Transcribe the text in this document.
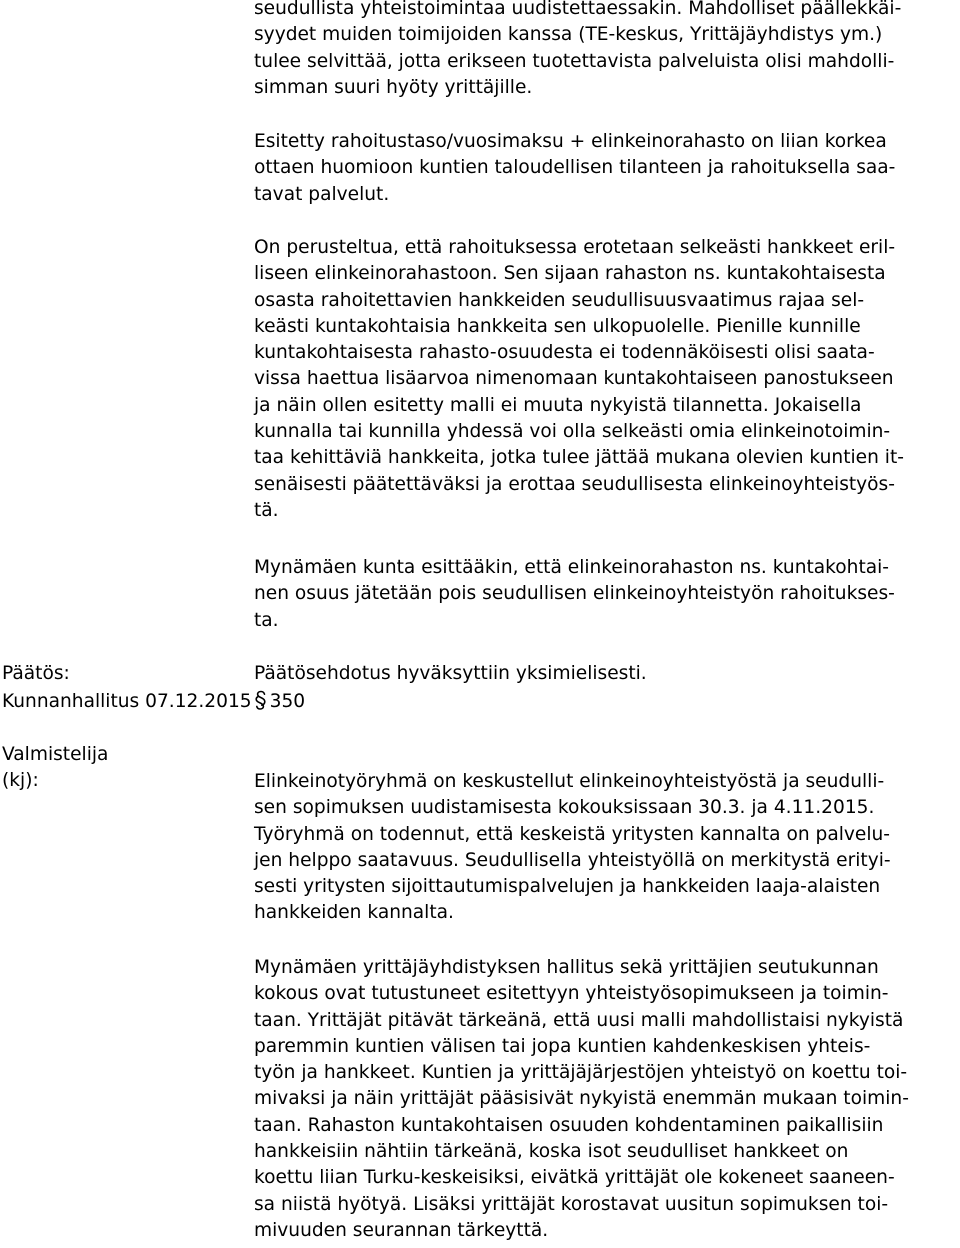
seudullista yhteistoimintaa uudistettaessakin. Mahdolliset päällekkäi-
syydet muiden toimijoiden kanssa (TE-keskus, Yrittäjäyhdistys ym.)
tulee selvittää, jotta erikseen tuotettavista palveluista olisi mahdolli-
simman suuri hyöty yrittäjille.
Esitetty rahoitustaso/vuosimaksu + elinkeinorahasto on liian korkea
ottaen huomioon kuntien taloudellisen tilanteen ja rahoituksella saa-
tavat palvelut.
On perusteltua, että rahoituksessa erotetaan selkeästi hankkeet eril-
liseen elinkeinorahastoon. Sen sijaan rahaston ns. kuntakohtaisesta
osasta rahoitettavien hankkeiden seudullisuusvaatimus rajaa sel-
keästi kuntakohtaisia hankkeita sen ulkopuolelle. Pienille kunnille
kuntakohtaisesta rahasto-osuudesta ei todennäköisesti olisi saata-
vissa haettua lisäarvoa nimenomaan kuntakohtaiseen panostukseen
ja näin ollen esitetty malli ei muuta nykyistä tilannetta. Jokaisella
kunnalla tai kunnilla yhdessä voi olla selkeästi omia elinkeinotoimin-
taa kehittäviä hankkeita, jotka tulee jättää mukana olevien kuntien it-
senäisesti päätettäväksi ja erottaa seudullisesta elinkeinoyhteistyös-
tä.
Mynämäen kunta esittääkin, että elinkeinorahaston ns. kuntakohtai-
nen osuus jätetään pois seudullisen elinkeinoyhteistyön rahoitukses-
ta.
Päätös:	Päätösehdotus hyväksyttiin yksimielisesti.
Kunnanhallitus 07.12.2015 350
Valmistelija
(kj):	Elinkeinotyöryhmä on keskustellut elinkeinoyhteistyöstä ja seudulli-
sen sopimuksen uudistamisesta kokouksissaan 30.3. ja 4.11.2015.
Työryhmä on todennut, että keskeistä yritysten kannalta on palvelu-
jen helppo saatavuus. Seudullisella yhteistyöllä on merkitystä erityi-
sesti yritysten sijoittautumispalvelujen ja hankkeiden laaja-alaisten
hankkeiden kannalta.
Mynämäen yrittäjäyhdistyksen hallitus sekä yrittäjien seutukunnan
kokous ovat tutustuneet esitettyyn yhteistyösopimukseen ja toimin-
taan. Yrittäjät pitävät tärkeänä, että uusi malli mahdollistaisi nykyistä
paremmin kuntien välisen tai jopa kuntien kahdenkeskisen yhteis-
työn ja hankkeet. Kuntien ja yrittäjäjärjestöjen yhteistyö on koettu toi-
mivaksi ja näin yrittäjät pääsisivät nykyistä enemmän mukaan toimin-
taan. Rahaston kuntakohtaisen osuuden kohdentaminen paikallisiin
hankkeisiin nähtiin tärkeänä, koska isot seudulliset hankkeet on
koettu liian Turku-keskeisiksi, eivätkä yrittäjät ole kokeneet saaneen-
sa niistä hyötyä. Lisäksi yrittäjät korostavat uusitun sopimuksen toi-
mivuuden seurannan tärkeyttä.
